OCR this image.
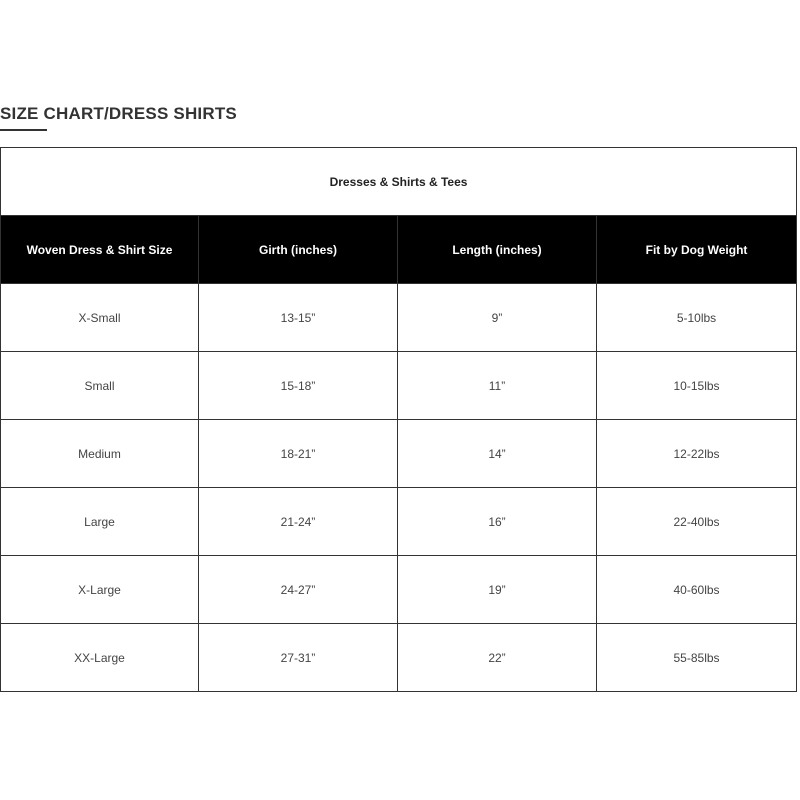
SIZE CHART/DRESS SHIRTS
Dresses & Shirts & Tees			
Woven Dress & Shirt Size	Girth (inches)	Length (inches)	Fit by Dog Weight
X-Small	13-15”	9”	5-10lbs
Small	15-18”	11”	10-15lbs
Medium	18-21”	14”	12-22lbs
Large	21-24”	16”	22-40lbs
X-Large	24-27”	19”	40-60lbs
XX-Large	27-31”	22”	55-85lbs
